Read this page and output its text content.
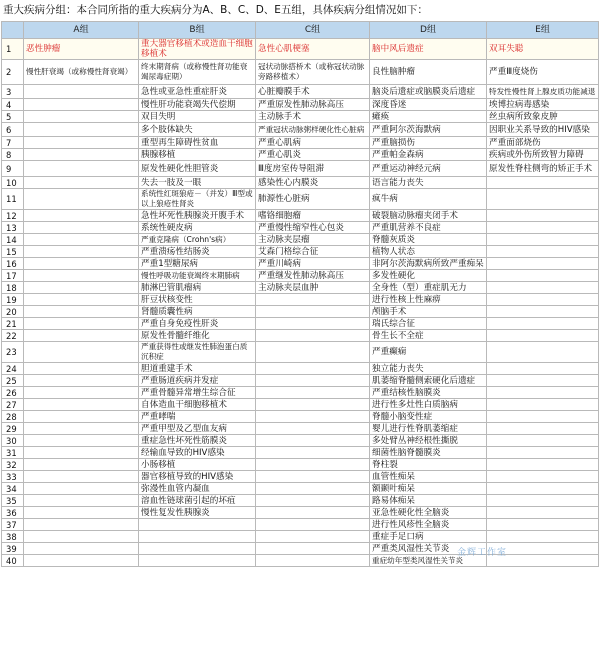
重大疾病分组：本合同所指的重大疾病分为A、B、C、D、E五组，具体疾病分组情况如下：
	A组	B组	C组	D组	E组
1	恶性肿瘤	重大器官移植术或造血干细胞移植术	急性心肌梗塞	脑中风后遗症	双耳失聪
2	慢性肝衰竭（或称慢性肾衰竭）	终末期肾病（或称慢性肾功能衰竭尿毒症期）	冠状动脉搭桥术（或称冠状动脉旁路移植术）	良性脑肿瘤	严重Ⅲ度烧伤
3		急性或亚急性重症肝炎	心脏瓣膜手术	脑炎后遗症或脑膜炎后遗症	特发性慢性肾上腺皮质功能减退
4		慢性肝功能衰竭失代偿期	严重原发性肺动脉高压	深度昏迷	埃博拉病毒感染
5		双目失明	主动脉手术	瘫痪	丝虫病所致象皮肿
6		多个肢体缺失	严重冠状动脉粥样硬化性心脏病	严重阿尔茨海默病	因职业关系导致的HIV感染
7		重型再生障碍性贫血	严重心肌病	严重脑损伤	严重面部烧伤
8		胰腺移植	严重心肌炎	严重帕金森病	疾病或外伤所致智力障碍
9		原发性硬化性胆管炎	Ⅲ度房室传导阻滞	严重运动神经元病	原发性脊柱侧弯的矫正手术
10		失去一肢及一眼	感染性心内膜炎	语言能力丧失	
11		系统性红斑狼疮－（并发）Ⅲ型或以上狼疮性肾炎	肺源性心脏病	疯牛病	
12		急性坏死性胰腺炎开腹手术	嗜铬细胞瘤	破裂脑动脉瘤夹闭手术	
13		系统性硬皮病	严重慢性缩窄性心包炎	严重肌营养不良症	
14		严重克隆病（Crohn's病）	主动脉夹层瘤	脊髓灰质炎	
15		严重溃疡性结肠炎	艾森门格综合征	植物人状态	
16		严重1型糖尿病	严重川崎病	非阿尔茨海默病所致严重痴呆	
17		慢性呼吸功能衰竭终末期肺病	严重继发性肺动脉高压	多发性硬化	
18		肺淋巴管肌瘤病	主动脉夹层血肿	全身性（型）重症肌无力	
19		肝豆状核变性		进行性核上性麻痹	
20		肾髓质囊性病		颅脑手术	
21		严重自身免疫性肝炎		瑞氏综合征	
22		原发性骨髓纤维化		骨生长不全症	
23		严重获得性或继发性肺泡蛋白质沉积症		严重癫痫	
24		胆道重建手术		独立能力丧失	
25		严重肠道疾病并发症		肌萎缩脊髓侧索硬化后遗症	
26		严重骨髓异常增生综合征		严重结核性脑膜炎	
27		自体造血干细胞移植术		进行性多灶性白质脑病	
28		严重哮喘		脊髓小脑变性症	
29		严重甲型及乙型血友病		婴儿进行性脊肌萎缩症	
30		重症急性坏死性筋膜炎		多处臂丛神经根性撕脱	
31		经输血导致的HIV感染		细菌性脑脊髓膜炎	
32		小肠移植		脊柱裂	
33		器官移植导致的HIV感染		血管性痴呆	
34		弥漫性血管内凝血		额颞叶痴呆	
35		溶血性链球菌引起的坏疽		路易体痴呆	
36		慢性复发性胰腺炎		亚急性硬化性全脑炎	
37				进行性风疹性全脑炎	
38				重症手足口病	
39				严重类风湿性关节炎	
40				重症幼年型类风湿性关节炎	
金辉工作室
